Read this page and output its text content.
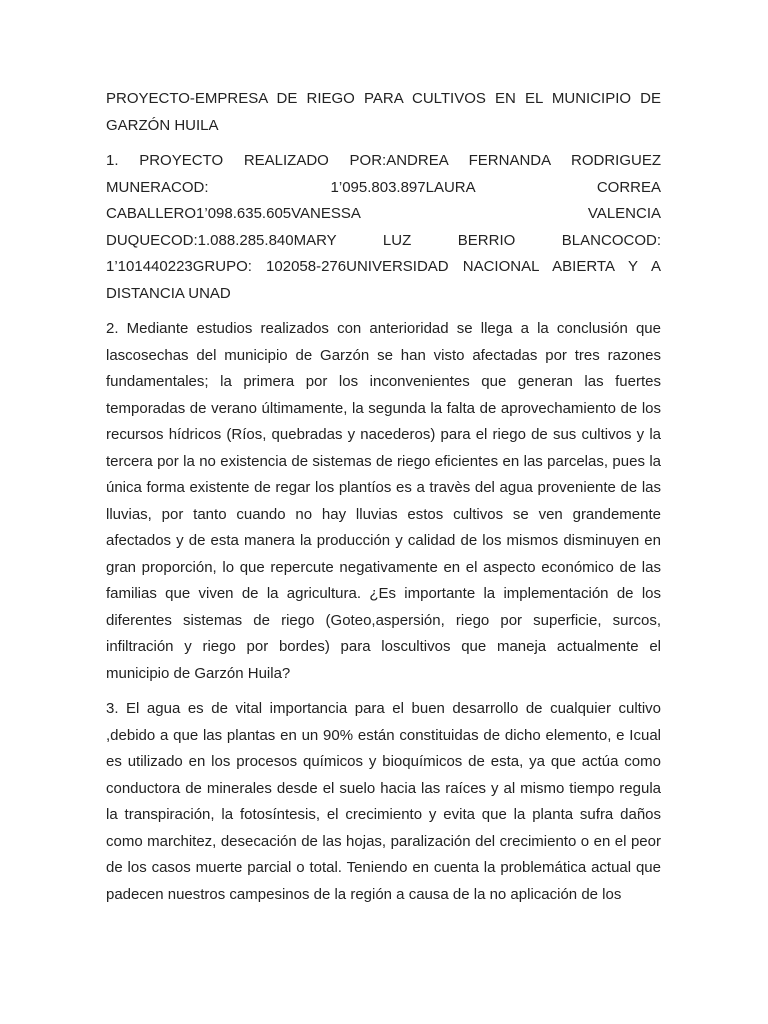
PROYECTO-EMPRESA DE RIEGO PARA CULTIVOS EN EL MUNICIPIO DE GARZÓN HUILA

1. PROYECTO REALIZADO POR:ANDREA FERNANDA RODRIGUEZ MUNERACOD: 1’095.803.897LAURA CORREA CABALLERO1’098.635.605VANESSA VALENCIA DUQUECOD:1.088.285.840MARY LUZ BERRIO BLANCOCOD: 1’101440223GRUPO: 102058-276UNIVERSIDAD NACIONAL ABIERTA Y A DISTANCIA UNAD

2. Mediante estudios realizados con anterioridad se llega a la conclusión que lascosechas del municipio de Garzón se han visto afectadas por tres razones fundamentales; la primera por los inconvenientes que generan las fuertes temporadas de verano últimamente, la segunda la falta de aprovechamiento de los recursos hídricos (Ríos, quebradas y nacederos) para el riego de sus cultivos y la tercera por la no existencia de sistemas de riego eficientes en las parcelas, pues la única forma existente de regar los plantíos es a travès del agua proveniente de las lluvias, por tanto cuando no hay lluvias estos cultivos se ven grandemente afectados y de esta manera la producción y calidad de los mismos disminuyen en gran proporción, lo que repercute negativamente en el aspecto económico de las familias que viven de la agricultura. ¿Es importante la implementación de los diferentes sistemas de riego (Goteo,aspersión, riego por superficie, surcos, infiltración y riego por bordes) para loscultivos que maneja actualmente el municipio de Garzón Huila?

3. El agua es de vital importancia para el buen desarrollo de cualquier cultivo ,debido a que las plantas en un 90% están constituidas de dicho elemento, e Icual es utilizado en los procesos químicos y bioquímicos de esta, ya que actúa como conductora de minerales desde el suelo hacia las raíces y al mismo tiempo regula la transpiración, la fotosíntesis, el crecimiento y evita que la planta sufra daños como marchitez, desecación de las hojas, paralización del crecimiento o en el peor de los casos muerte parcial o total. Teniendo en cuenta la problemática actual que padecen nuestros campesinos de la región a causa de la no aplicación de los
